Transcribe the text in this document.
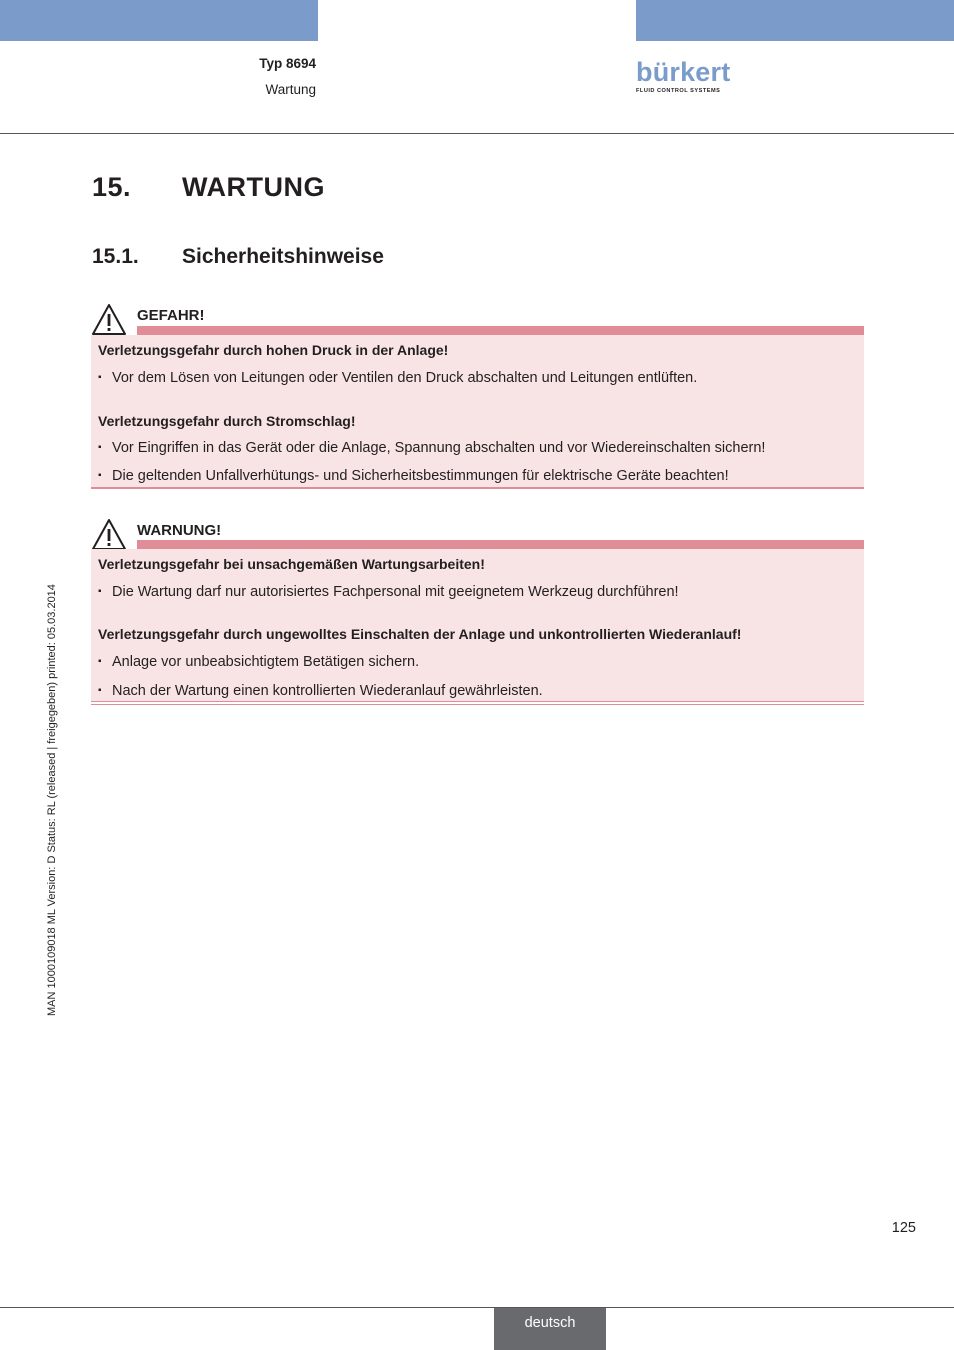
Typ 8694
Wartung
bürkert
FLUID CONTROL SYSTEMS
15. WARTUNG
15.1. Sicherheitshinweise
GEFAHR!
Verletzungsgefahr durch hohen Druck in der Anlage!
▪ Vor dem Lösen von Leitungen oder Ventilen den Druck abschalten und Leitungen entlüften.
Verletzungsgefahr durch Stromschlag!
▪ Vor Eingriffen in das Gerät oder die Anlage, Spannung abschalten und vor Wiedereinschalten sichern!
▪ Die geltenden Unfallverhütungs- und Sicherheitsbestimmungen für elektrische Geräte beachten!
WARNUNG!
Verletzungsgefahr bei unsachgemäßen Wartungsarbeiten!
▪ Die Wartung darf nur autorisiertes Fachpersonal mit geeignetem Werkzeug durchführen!
Verletzungsgefahr durch ungewolltes Einschalten der Anlage und unkontrollierten Wiederanlauf!
▪ Anlage vor unbeabsichtigtem Betätigen sichern.
▪ Nach der Wartung einen kontrollierten Wiederanlauf gewährleisten.
MAN 1000109018 ML Version: D Status: RL (released | freigegeben) printed: 05.03.2014
125
deutsch
